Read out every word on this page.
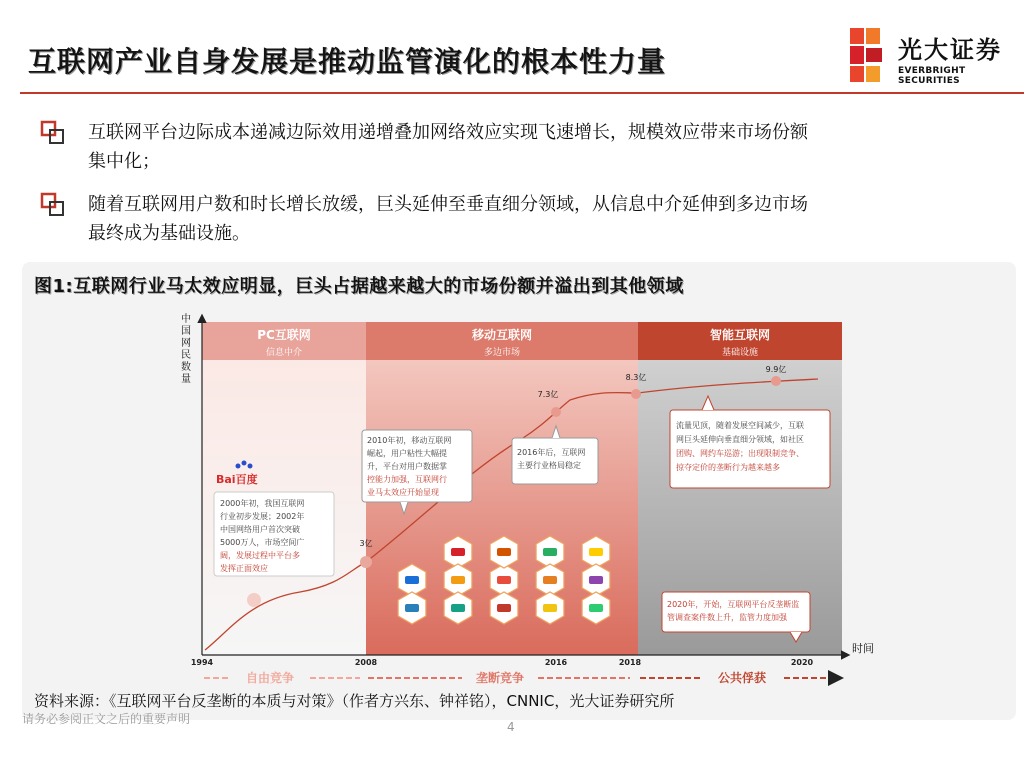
互联网产业自身发展是推动监管演化的根本性力量	光大证券
EVERBRIGHT SECURITIES
互联网平台边际成本递减边际效用递增叠加网络效应实现飞速增长，规模效应带来市场份额
集中化；
随着互联网用户数和时长增长放缓，巨头延伸至垂直细分领域，从信息中介延伸到多边市场
最终成为基础设施。
图1:互联网行业马太效应明显，巨头占据越来越大的市场份额并溢出到其他领域
PC互联网
信息中介
移动互联网
多边市场
智能互联网
基础设施
中
国
网
民
数
量
时间
1994	2008	2016	2018	2020
3亿
7.3亿
8.3亿
9.9亿
Bai百度
2000年初，我国互联网
行业初步发展；2002年
中国网络用户首次突破
5000万人，市场空间广
阔，发展过程中平台多
发挥正面效应
2010年初，移动互联网
崛起，用户粘性大幅提
升，平台对用户数据掌
控能力加强，互联网行
业马太效应开始显现
2016年后，互联网
主要行业格局稳定
流量见顶，随着发展空间减少，互联
网巨头延伸向垂直细分领域，如社区
团购、网约车巡游；出现限制竞争、
掠夺定价的垄断行为越来越多
2020年，开始，互联网平台反垄断监
管调查案件数上升，监管力度加强
自由竞争	垄断竞争	公共俘获
资料来源：《互联网平台反垄断的本质与对策》（作者方兴东、钟祥铭），CNNIC，光大证券研究所
请务必参阅正文之后的重要声明
4
